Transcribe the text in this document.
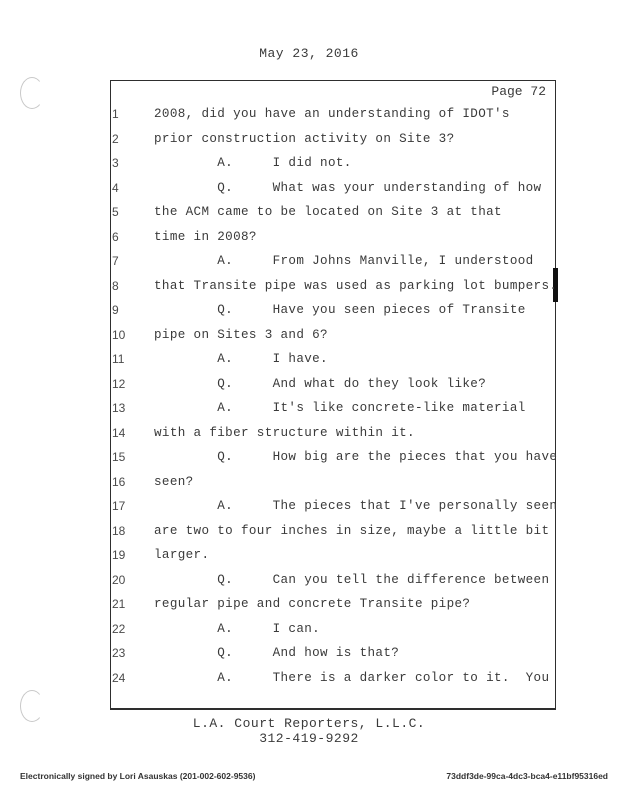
May 23, 2016
Page 72
1	2008, did you have an understanding of IDOT's
2	prior construction activity on Site 3?
3	A.     I did not.
4	Q.     What was your understanding of how
5	the ACM came to be located on Site 3 at that
6	time in 2008?
7	A.     From Johns Manville, I understood
8	that Transite pipe was used as parking lot bumpers.
9	Q.     Have you seen pieces of Transite
10	pipe on Sites 3 and 6?
11	A.     I have.
12	Q.     And what do they look like?
13	A.     It's like concrete-like material
14	with a fiber structure within it.
15	Q.     How big are the pieces that you have
16	seen?
17	A.     The pieces that I've personally seen
18	are two to four inches in size, maybe a little bit
19	larger.
20	Q.     Can you tell the difference between
21	regular pipe and concrete Transite pipe?
22	A.     I can.
23	Q.     And how is that?
24	A.     There is a darker color to it.  You
L.A. Court Reporters, L.L.C.
312-419-9292
Electronically signed by Lori Asauskas (201-002-602-9536)	73ddf3de-99ca-4dc3-bca4-e11bf95316ed
